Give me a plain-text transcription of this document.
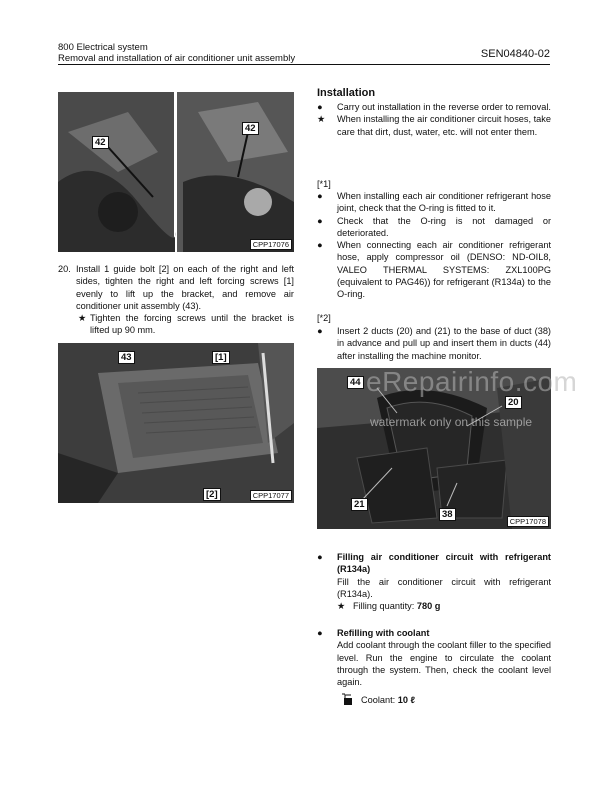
800 Electrical system
Removal and installation of air conditioner unit assembly	SEN04840-02
42
42
CPP17076
20. Install 1 guide bolt [2] on each of the right and left sides, tighten the right and left forcing screws [1] evenly to lift up the bracket, and remove air conditioner unit assembly (43).
★ Tighten the forcing screws until the bracket is lifted up 90 mm.
43	[1]
[2]	CPP17077
Installation
●	Carry out installation in the reverse order to removal.
★	When installing the air conditioner circuit hoses, take care that dirt, dust, water, etc. will not enter them.
[*1]
●	When installing each air conditioner refrigerant hose joint, check that the O-ring is fitted to it.
●	Check that the O-ring is not damaged or deteriorated.
●	When connecting each air conditioner refrigerant hose, apply compressor oil (DENSO: ND-OIL8, VALEO THERMAL SYSTEMS: ZXL100PG (equivalent to PAG46)) for refrigerant (R134a) to the O-ring.
[*2]
●	Insert 2 ducts (20) and (21) to the base of duct (38) in advance and pull up and insert them in ducts (44) after installing the machine monitor.
44
20
21
38
CPP17078
eRepairinfo.com
watermark only on this sample
●	Filling air conditioner circuit with refrigerant (R134a)
Fill the air conditioner circuit with refrigerant (R134a).
★ Filling quantity: 780 g
●	Refilling with coolant
Add coolant through the coolant filler to the specified level. Run the engine to circulate the coolant through the system. Then, check the coolant level again.
Coolant: 10 ℓ
